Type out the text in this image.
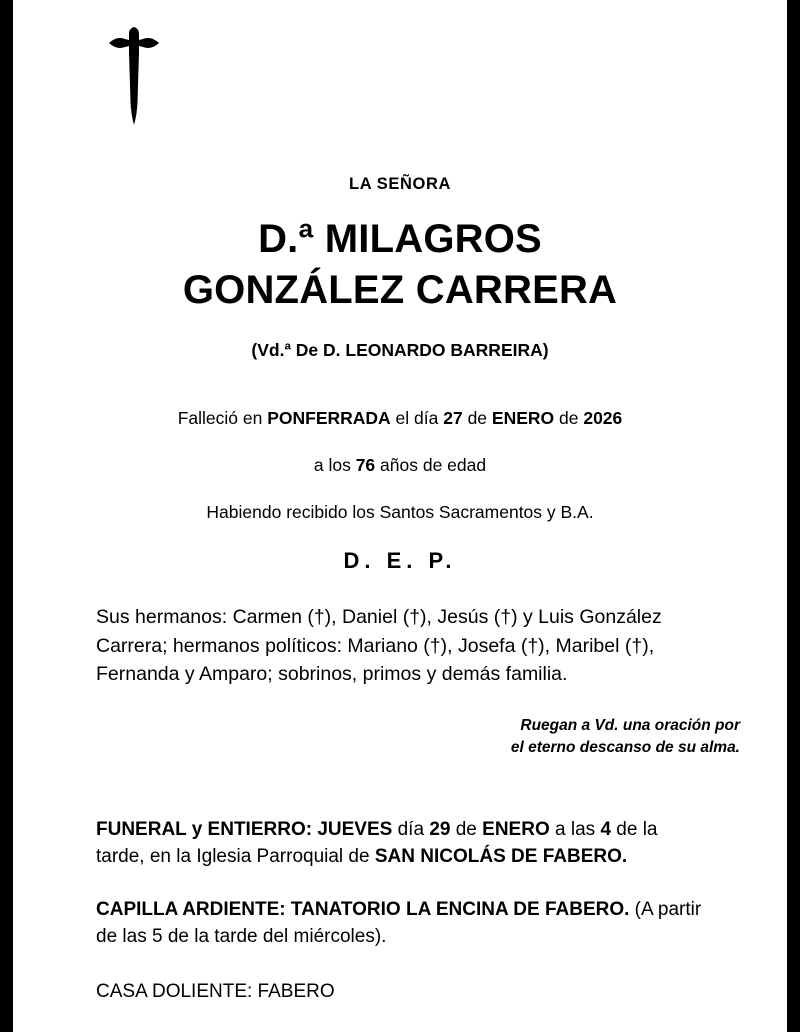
LA SEÑORA
D.ª MILAGROS
GONZÁLEZ CARRERA
(Vd.ª De D. LEONARDO BARREIRA)
Falleció en PONFERRADA el día 27 de ENERO de 2026
a los 76 años de edad
Habiendo recibido los Santos Sacramentos y B.A.
D. E. P.
Sus hermanos: Carmen (†), Daniel (†), Jesús (†) y Luis González Carrera; hermanos políticos: Mariano (†), Josefa (†), Maribel (†), Fernanda y Amparo; sobrinos, primos y demás familia.
Ruegan a Vd. una oración por
el eterno descanso de su alma.
FUNERAL y ENTIERRO: JUEVES día 29 de ENERO a las 4 de la tarde, en la Iglesia Parroquial de SAN NICOLÁS DE FABERO.
CAPILLA ARDIENTE: TANATORIO LA ENCINA DE FABERO. (A partir de las 5 de la tarde del miércoles).
CASA DOLIENTE: FABERO
